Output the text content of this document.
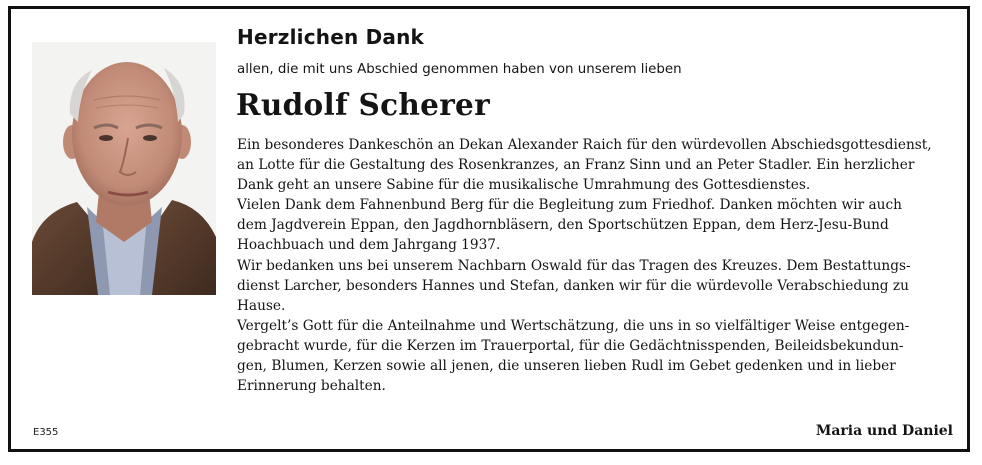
Herzlichen Dank
allen, die mit uns Abschied genommen haben von unserem lieben
Rudolf Scherer
Ein besonderes Dankeschön an Dekan Alexander Raich für den würdevollen Abschiedsgottesdienst,
an Lotte für die Gestaltung des Rosenkranzes, an Franz Sinn und an Peter Stadler. Ein herzlicher
Dank geht an unsere Sabine für die musikalische Umrahmung des Gottesdienstes.
Vielen Dank dem Fahnenbund Berg für die Begleitung zum Friedhof. Danken möchten wir auch
dem Jagdverein Eppan, den Jagdhornbläsern, den Sportschützen Eppan, dem Herz-Jesu-Bund
Hoachbuach und dem Jahrgang 1937.
Wir bedanken uns bei unserem Nachbarn Oswald für das Tragen des Kreuzes. Dem Bestattungs-
dienst Larcher, besonders Hannes und Stefan, danken wir für die würdevolle Verabschiedung zu
Hause.
Vergelt’s Gott für die Anteilnahme und Wertschätzung, die uns in so vielfältiger Weise entgegen-
gebracht wurde, für die Kerzen im Trauerportal, für die Gedächtnisspenden, Beileidsbekundun-
gen, Blumen, Kerzen sowie all jenen, die unseren lieben Rudl im Gebet gedenken und in lieber
Erinnerung behalten.
E355	Maria und Daniel
